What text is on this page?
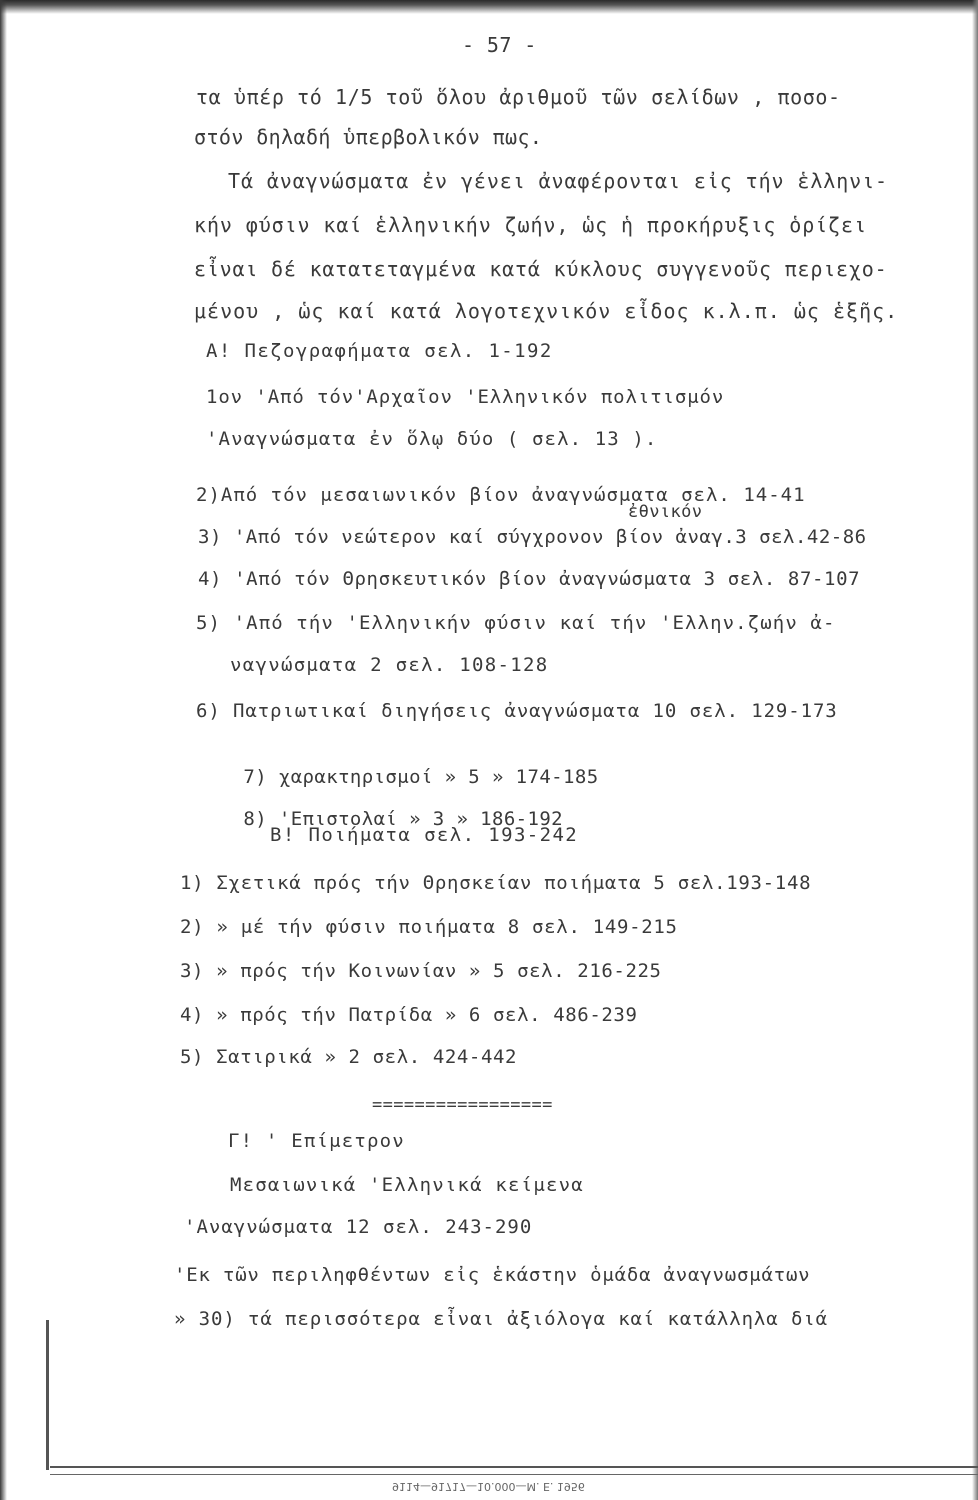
- 57 -
τα ὑπέρ τό 1/5 τοῦ ὅλου ἀριθμοῦ τῶν σελίδων , ποσο-
στόν δηλαδή ὑπερβολικόν πως.
Τά ἀναγνώσματα ἐν γένει ἀναφέρονται εἰς τήν ἑλληνι-
κήν φύσιν καί ἑλληνικήν ζωήν, ὡς ἡ προκήρυξις ὁρίζει
εἶναι δέ κατατεταγμένα κατά κύκλους συγγενοῦς περιεχο-
μένου , ὡς καί κατά λογοτεχνικόν εἶδος κ.λ.π. ὡς ἑξῆς.
Α! Πεζογραφήματα σελ. 1-192
1ον 'Από τόν'Αρχαῖον 'Ελληνικόν πολιτισμόν
'Αναγνώσματα ἐν ὅλῳ δύο ( σελ. 13 ).
2)Από τόν μεσαιωνικόν βίον ἀναγνώσματα σελ. 14-41
ἐθνικόν
3) 'Από τόν νεώτερον καί σύγχρονον βίον ἀναγ.3 σελ.42-86
4) 'Από τόν Θρησκευτικόν βίον ἀναγνώσματα 3 σελ. 87-107
5) 'Από τήν 'Ελληνικήν φύσιν καί τήν 'Ελλην.ζωήν ἀ-
ναγνώσματα 2 σελ. 108-128
6) Πατριωτικαί διηγήσεις ἀναγνώσματα 10 σελ. 129-173

7) χαρακτηρισμοί » 5 » 174-185

8) 'Επιστολαί » 3 » 186-192

Β! Ποιήματα σελ. 193-242
1) Σχετικά πρός τήν Θρησκείαν ποιήματα 5 σελ.193-148
2) » μέ τήν φύσιν ποιήματα 8 σελ. 149-215
3) » πρός τήν Κοινωνίαν » 5 σελ. 216-225
4) » πρός τήν Πατρίδα » 6 σελ. 486-239
5) Σατιρικά » 2 σελ. 424-442
=================
Γ! ' Επίμετρον
Μεσαιωνικά 'Ελληνικά κείμενα
'Αναγνώσματα 12 σελ. 243-290
'Εκ τῶν περιληφθέντων εἰς ἑκάστην ὁμάδα ἀναγνωσμάτων
» 30) τά περισσότερα εἶναι ἀξιόλογα καί κατάλληλα διά
9114—91717—10.000—Μ. Ε. 1956
